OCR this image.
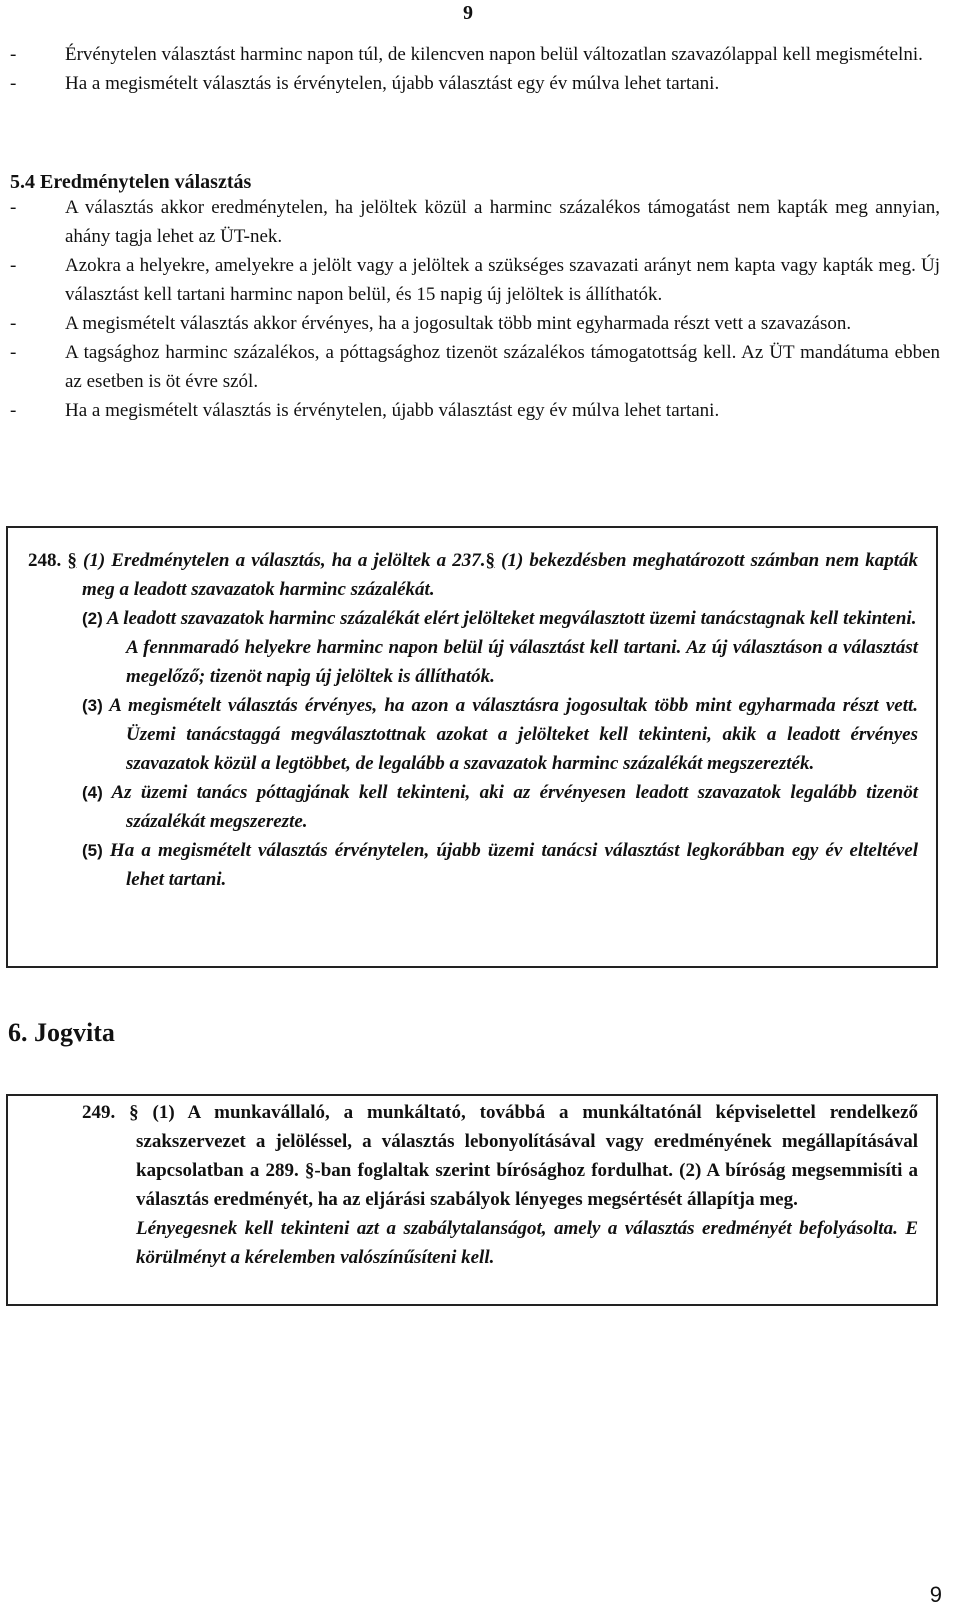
9
-	Érvénytelen választást harminc napon túl, de kilencven napon belül változatlan szavazólappal kell megismételni.
-	Ha a megismételt választás is érvénytelen, újabb választást egy év múlva lehet tartani.
5.4 Eredménytelen választás
-	A választás akkor eredménytelen, ha jelöltek közül a harminc százalékos támogatást nem kapták meg annyian, ahány tagja lehet az ÜT-nek.
-	Azokra a helyekre, amelyekre a jelölt vagy a jelöltek a szükséges szavazati arányt nem kapta vagy kapták meg. Új választást kell tartani harminc napon belül, és 15 napig új jelöltek is állíthatók.
-	A megismételt választás akkor érvényes, ha a jogosultak több mint egyharmada részt vett a szavazáson.
-	A tagsághoz harminc százalékos, a póttagsághoz tizenöt százalékos támogatottság kell. Az ÜT mandátuma ebben az esetben is öt évre szól.
-	Ha a megismételt választás is érvénytelen, újabb választást egy év múlva lehet tartani.
248. § (1) Eredménytelen a választás, ha a jelöltek a 237.§ (1) bekezdésben meghatározott számban nem kapták meg a leadott szavazatok harminc százalékát.
(2) A leadott szavazatok harminc százalékát elért jelölteket megválasztott üzemi tanácstagnak kell tekinteni.
A fennmaradó helyekre harminc napon belül új választást kell tartani. Az új választáson a választást megelőző; tizenöt napig új jelöltek is állíthatók.
(3) A megismételt választás érvényes, ha azon a választásra jogosultak több mint egyharmada részt vett. Üzemi tanácstaggá megválasztottnak azokat a jelölteket kell tekinteni, akik a leadott érvényes szavazatok közül a legtöbbet, de legalább a szavazatok harminc százalékát megszerezték.
(4) Az üzemi tanács póttagjának kell tekinteni, aki az érvényesen leadott szavazatok legalább tizenöt százalékát megszerezte.
(5) Ha a megismételt választás érvénytelen, újabb üzemi tanácsi választást legkorábban egy év elteltével lehet tartani.
6. Jogvita
249. § (1) A munkavállaló, a munkáltató, továbbá a munkáltatónál képviselettel rendelkező szakszervezet a jelöléssel, a választás lebonyolításával vagy eredményének megállapításával kapcsolatban a 289. §-ban foglaltak szerint bírósághoz fordulhat. (2) A bíróság megsemmisíti a választás eredményét, ha az eljárási szabályok lényeges megsértését állapítja meg.
Lényegesnek kell tekinteni azt a szabálytalanságot, amely a választás eredményét befolyásolta. E körülményt a kérelemben valószínűsíteni kell.
9
